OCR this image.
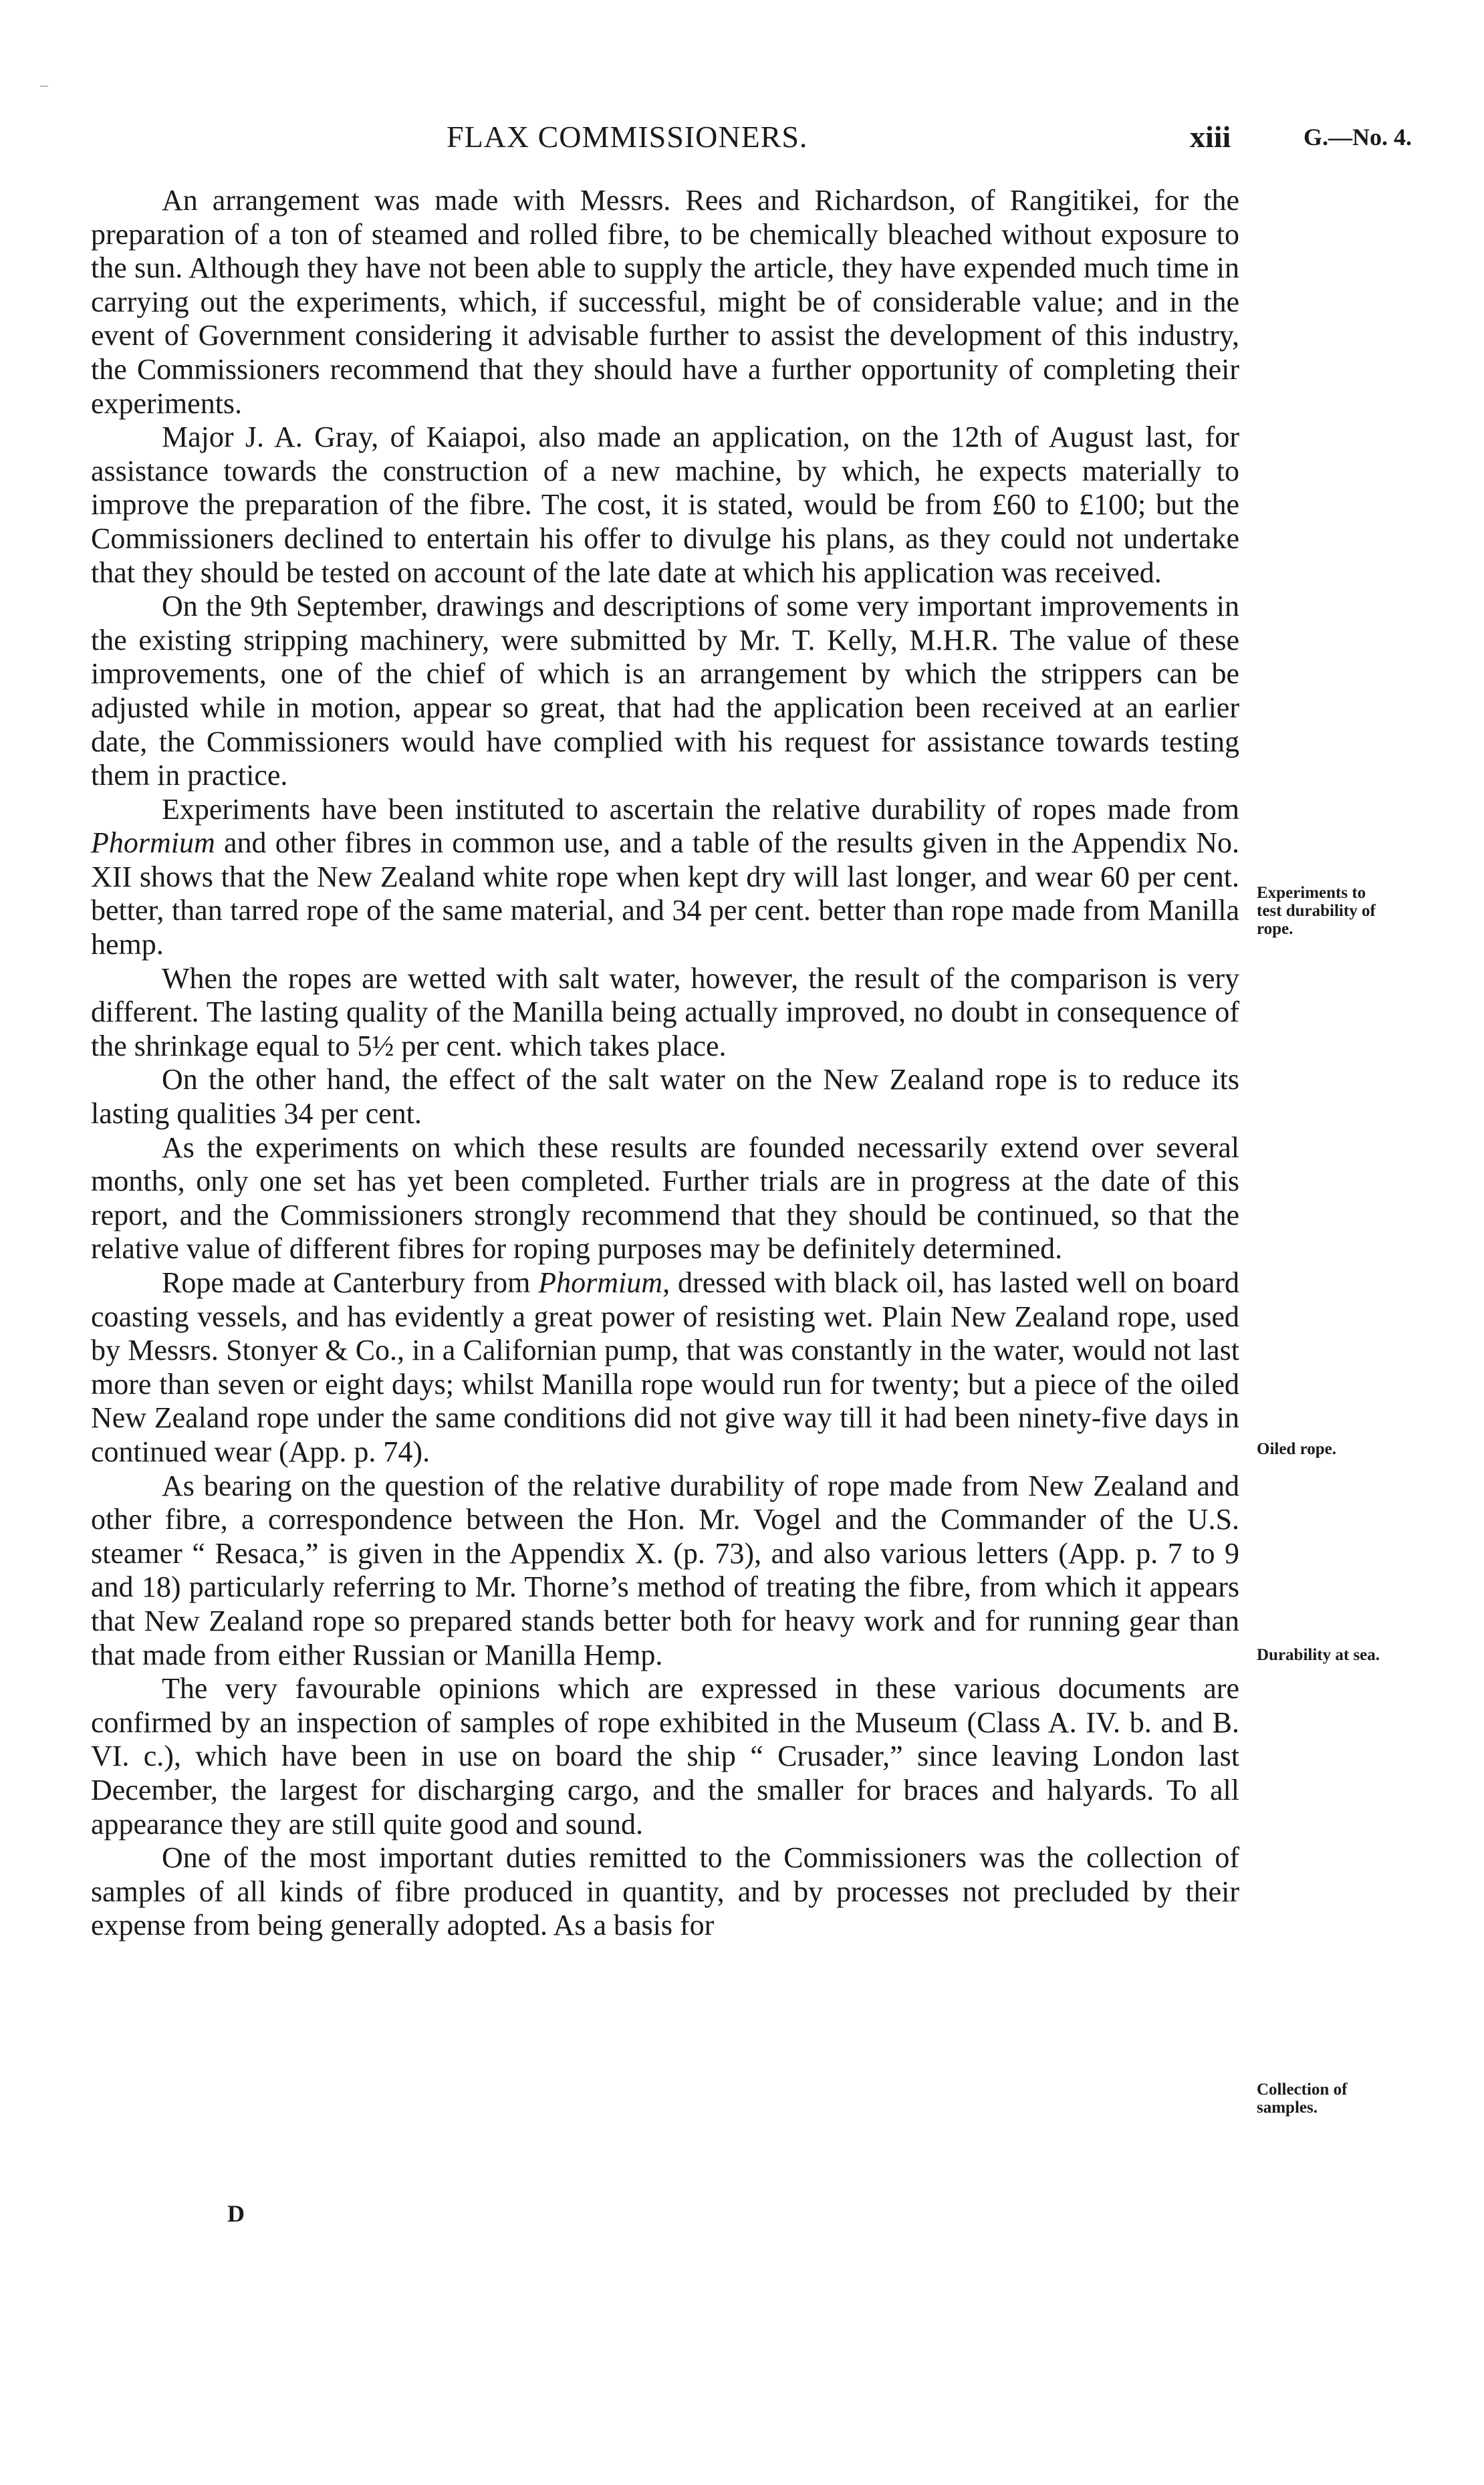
FLAX COMMISSIONERS.	xiii	G.—No. 4.

An arrangement was made with Messrs. Rees and Richardson, of Rangitikei, for the preparation of a ton of steamed and rolled fibre, to be chemically bleached without exposure to the sun. Although they have not been able to supply the article, they have expended much time in carrying out the experiments, which, if successful, might be of considerable value; and in the event of Government considering it advisable further to assist the development of this industry, the Commissioners recommend that they should have a further opportunity of completing their experiments.

Major J. A. Gray, of Kaiapoi, also made an application, on the 12th of August last, for assistance towards the construction of a new machine, by which, he expects materially to improve the preparation of the fibre. The cost, it is stated, would be from £60 to £100; but the Commissioners declined to entertain his offer to divulge his plans, as they could not undertake that they should be tested on account of the late date at which his application was received.

On the 9th September, drawings and descriptions of some very important improvements in the existing stripping machinery, were submitted by Mr. T. Kelly, M.H.R. The value of these improvements, one of the chief of which is an arrangement by which the strippers can be adjusted while in motion, appear so great, that had the application been received at an earlier date, the Commissioners would have complied with his request for assistance towards testing them in practice.

Experiments have been instituted to ascertain the relative durability of ropes made from Phormium and other fibres in common use, and a table of the results given in the Appendix No. XII shows that the New Zealand white rope when kept dry will last longer, and wear 60 per cent. better, than tarred rope of the same material, and 34 per cent. better than rope made from Manilla hemp.

When the ropes are wetted with salt water, however, the result of the comparison is very different. The lasting quality of the Manilla being actually improved, no doubt in consequence of the shrinkage equal to 5½ per cent. which takes place.

On the other hand, the effect of the salt water on the New Zealand rope is to reduce its lasting qualities 34 per cent.

As the experiments on which these results are founded necessarily extend over several months, only one set has yet been completed. Further trials are in progress at the date of this report, and the Commissioners strongly recommend that they should be continued, so that the relative value of different fibres for roping purposes may be definitely determined.

Rope made at Canterbury from Phormium, dressed with black oil, has lasted well on board coasting vessels, and has evidently a great power of resisting wet. Plain New Zealand rope, used by Messrs. Stonyer & Co., in a Californian pump, that was constantly in the water, would not last more than seven or eight days; whilst Manilla rope would run for twenty; but a piece of the oiled New Zealand rope under the same conditions did not give way till it had been ninety-five days in continued wear (App. p. 74).

As bearing on the question of the relative durability of rope made from New Zealand and other fibre, a correspondence between the Hon. Mr. Vogel and the Commander of the U.S. steamer “ Resaca,” is given in the Appendix X. (p. 73), and also various letters (App. p. 7 to 9 and 18) particularly referring to Mr. Thorne’s method of treating the fibre, from which it appears that New Zealand rope so prepared stands better both for heavy work and for running gear than that made from either Russian or Manilla Hemp.

The very favourable opinions which are expressed in these various documents are confirmed by an inspection of samples of rope exhibited in the Museum (Class A. IV. b. and B. VI. c.), which have been in use on board the ship “ Crusader,” since leaving London last December, the largest for discharging cargo, and the smaller for braces and halyards. To all appearance they are still quite good and sound.

One of the most important duties remitted to the Commissioners was the collection of samples of all kinds of fibre produced in quantity, and by processes not precluded by their expense from being generally adopted. As a basis for

Experiments to
test durability of
rope.
Oiled rope.
Durability at sea.
Collection of
samples.
D
